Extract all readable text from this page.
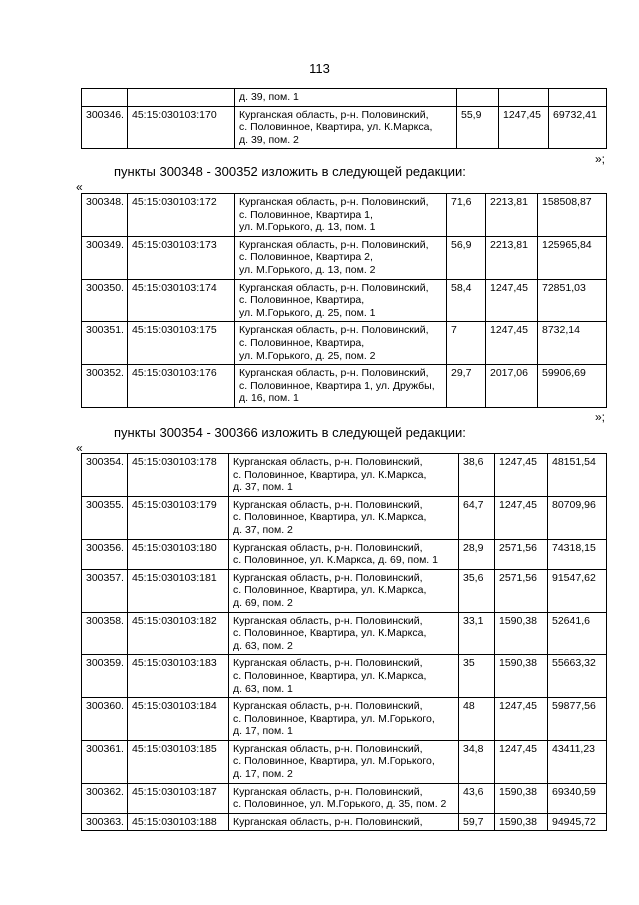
113
		д. 39, пом. 1			
300346.	45:15:030103:170	Курганская область, р-н. Половинский,
с. Половинное, Квартира, ул. К.Маркса,
д. 39, пом. 2	55,9	1247,45	69732,41
»;
пункты 300348 - 300352 изложить в следующей редакции:
«
300348.	45:15:030103:172	Курганская область, р-н. Половинский,
с. Половинное, Квартира 1,
ул. М.Горького, д. 13, пом. 1	71,6	2213,81	158508,87
300349.	45:15:030103:173	Курганская область, р-н. Половинский,
с. Половинное, Квартира 2,
ул. М.Горького, д. 13, пом. 2	56,9	2213,81	125965,84
300350.	45:15:030103:174	Курганская область, р-н. Половинский,
с. Половинное, Квартира,
ул. М.Горького, д. 25, пом. 1	58,4	1247,45	72851,03
300351.	45:15:030103:175	Курганская область, р-н. Половинский,
с. Половинное, Квартира,
ул. М.Горького, д. 25, пом. 2	7	1247,45	8732,14
300352.	45:15:030103:176	Курганская область, р-н. Половинский,
с. Половинное, Квартира 1, ул. Дружбы,
д. 16, пом. 1	29,7	2017,06	59906,69
»;
пункты 300354 - 300366 изложить в следующей редакции:
«
300354.	45:15:030103:178	Курганская область, р-н. Половинский,
с. Половинное, Квартира, ул. К.Маркса,
д. 37, пом. 1	38,6	1247,45	48151,54
300355.	45:15:030103:179	Курганская область, р-н. Половинский,
с. Половинное, Квартира, ул. К.Маркса,
д. 37, пом. 2	64,7	1247,45	80709,96
300356.	45:15:030103:180	Курганская область, р-н. Половинский,
с. Половинное, ул. К.Маркса, д. 69, пом. 1	28,9	2571,56	74318,15
300357.	45:15:030103:181	Курганская область, р-н. Половинский,
с. Половинное, Квартира, ул. К.Маркса,
д. 69, пом. 2	35,6	2571,56	91547,62
300358.	45:15:030103:182	Курганская область, р-н. Половинский,
с. Половинное, Квартира, ул. К.Маркса,
д. 63, пом. 2	33,1	1590,38	52641,6
300359.	45:15:030103:183	Курганская область, р-н. Половинский,
с. Половинное, Квартира, ул. К.Маркса,
д. 63, пом. 1	35	1590,38	55663,32
300360.	45:15:030103:184	Курганская область, р-н. Половинский,
с. Половинное, Квартира, ул. М.Горького,
д. 17, пом. 1	48	1247,45	59877,56
300361.	45:15:030103:185	Курганская область, р-н. Половинский,
с. Половинное, Квартира, ул. М.Горького,
д. 17, пом. 2	34,8	1247,45	43411,23
300362.	45:15:030103:187	Курганская область, р-н. Половинский,
с. Половинное, ул. М.Горького, д. 35, пом. 2	43,6	1590,38	69340,59
300363.	45:15:030103:188	Курганская область, р-н. Половинский,	59,7	1590,38	94945,72
